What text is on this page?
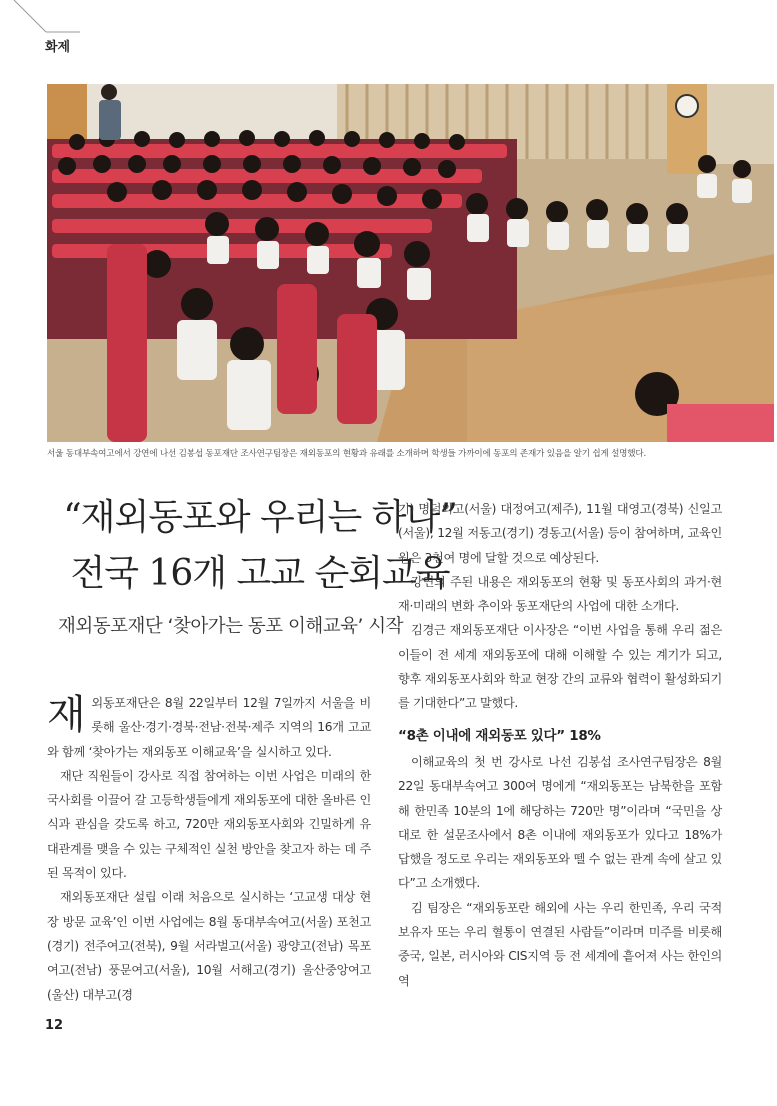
화제
서울 동대부속여고에서 강연에 나선 김봉섭 동포재단 조사연구팀장은 재외동포의 현황과 유래를 소개하며 학생들 가까이에 동포의 존재가 있음을 알기 쉽게 설명했다.
“재외동포와 우리는 하나”
전국 16개 고교 순회교육
재외동포재단 ‘찾아가는 동포 이해교육’ 시작

재외동포재단은 8월 22일부터 12월 7일까지 서울을 비롯해 울산·경기·경북·전남·전북·제주 지역의 16개 고교와 함께 ‘찾아가는 재외동포 이해교육’을 실시하고 있다.

재단 직원들이 강사로 직접 참여하는 이번 사업은 미래의 한국사회를 이끌어 갈 고등학생들에게 재외동포에 대한 올바른 인식과 관심을 갖도록 하고, 720만 재외동포사회와 긴밀하게 유대관계를 맺을 수 있는 구체적인 실천 방안을 찾고자 하는 데 주된 목적이 있다.

재외동포재단 설립 이래 처음으로 실시하는 ‘고교생 대상 현장 방문 교육’인 이번 사업에는 8월 동대부속여고(서울) 포천고(경기) 전주여고(전북), 9월 서라벌고(서울) 광양고(전남) 목포여고(전남) 풍문여고(서울), 10월 서해고(경기) 울산중앙여고(울산) 대부고(경

기) 명덕외고(서울) 대정여고(제주), 11월 대영고(경북) 신일고(서울), 12월 저동고(경기) 경동고(서울) 등이 참여하며, 교육인원은 3천여 명에 달할 것으로 예상된다.

강연의 주된 내용은 재외동포의 현황 및 동포사회의 과거·현재·미래의 변화 추이와 동포재단의 사업에 대한 소개다.

김경근 재외동포재단 이사장은 “이번 사업을 통해 우리 젊은이들이 전 세계 재외동포에 대해 이해할 수 있는 계기가 되고, 향후 재외동포사회와 학교 현장 간의 교류와 협력이 활성화되기를 기대한다”고 말했다.

“8촌 이내에 재외동포 있다” 18%

이해교육의 첫 번 강사로 나선 김봉섭 조사연구팀장은 8월 22일 동대부속여고 300여 명에게 “재외동포는 남북한을 포함해 한민족 10분의 1에 해당하는 720만 명”이라며 “국민을 상대로 한 설문조사에서 8촌 이내에 재외동포가 있다고 18%가 답했을 정도로 우리는 재외동포와 뗄 수 없는 관계 속에 살고 있다”고 소개했다.

김 팀장은 “재외동포란 해외에 사는 우리 한민족, 우리 국적 보유자 또는 우리 혈통이 연결된 사람들”이라며 미주를 비롯해 중국, 일본, 러시아와 CIS지역 등 전 세계에 흩어져 사는 한인의 역

12
